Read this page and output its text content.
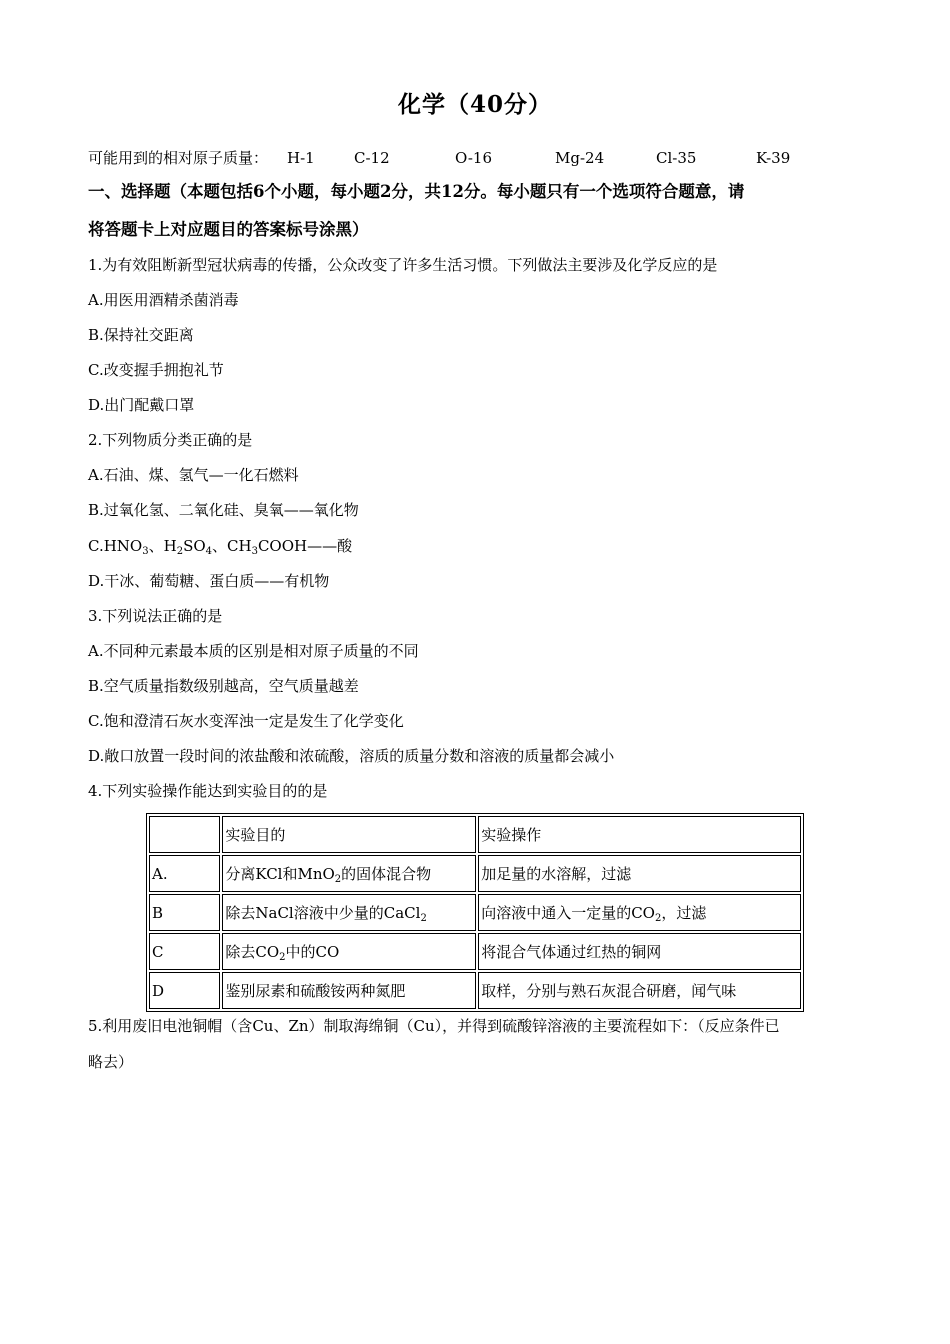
化学（40分）
可能用到的相对原子质量： H-1	C-12	O-16	Mg-24	Cl-35	K-39
一、选择题（本题包括6个小题，每小题2分，共12分。每小题只有一个选项符合题意，请
将答题卡上对应题目的答案标号涂黑）
1.为有效阻断新型冠状病毒的传播，公众改变了许多生活习惯。下列做法主要涉及化学反应的是
A.用医用酒精杀菌消毒
B.保持社交距离
C.改变握手拥抱礼节
D.出门配戴口罩
2.下列物质分类正确的是
A.石油、煤、氢气—一化石燃料
B.过氧化氢、二氧化硅、臭氧——氧化物
$C.HNO_3$、$H_2SO_4$、$CH_3COOH——$酸
D.干冰、葡萄糖、蛋白质——有机物
3.下列说法正确的是
A.不同种元素最本质的区别是相对原子质量的不同
B.空气质量指数级别越高，空气质量越差
C.饱和澄清石灰水变浑浊一定是发生了化学变化
D.敞口放置一段时间的浓盐酸和浓硫酸，溶质的质量分数和溶液的质量都会减小
4.下列实验操作能达到实验目的的是
	实验目的	实验操作
A.	分离KCl和MnO$_2$的固体混合物	加足量的水溶解，过滤
B	除去NaCl溶液中少量的CaCl$_2$	向溶液中通入一定量的$CO_2$，过滤
C	除去$CO_2$中的CO	将混合气体通过红热的铜网
D	鉴别尿素和硫酸铵两种氮肥	取样，分别与熟石灰混合研磨，闻气味
5.利用废旧电池铜帽（含Cu、Zn）制取海绵铜（Cu），并得到硫酸锌溶液的主要流程如下：（反应条件已
略去）
